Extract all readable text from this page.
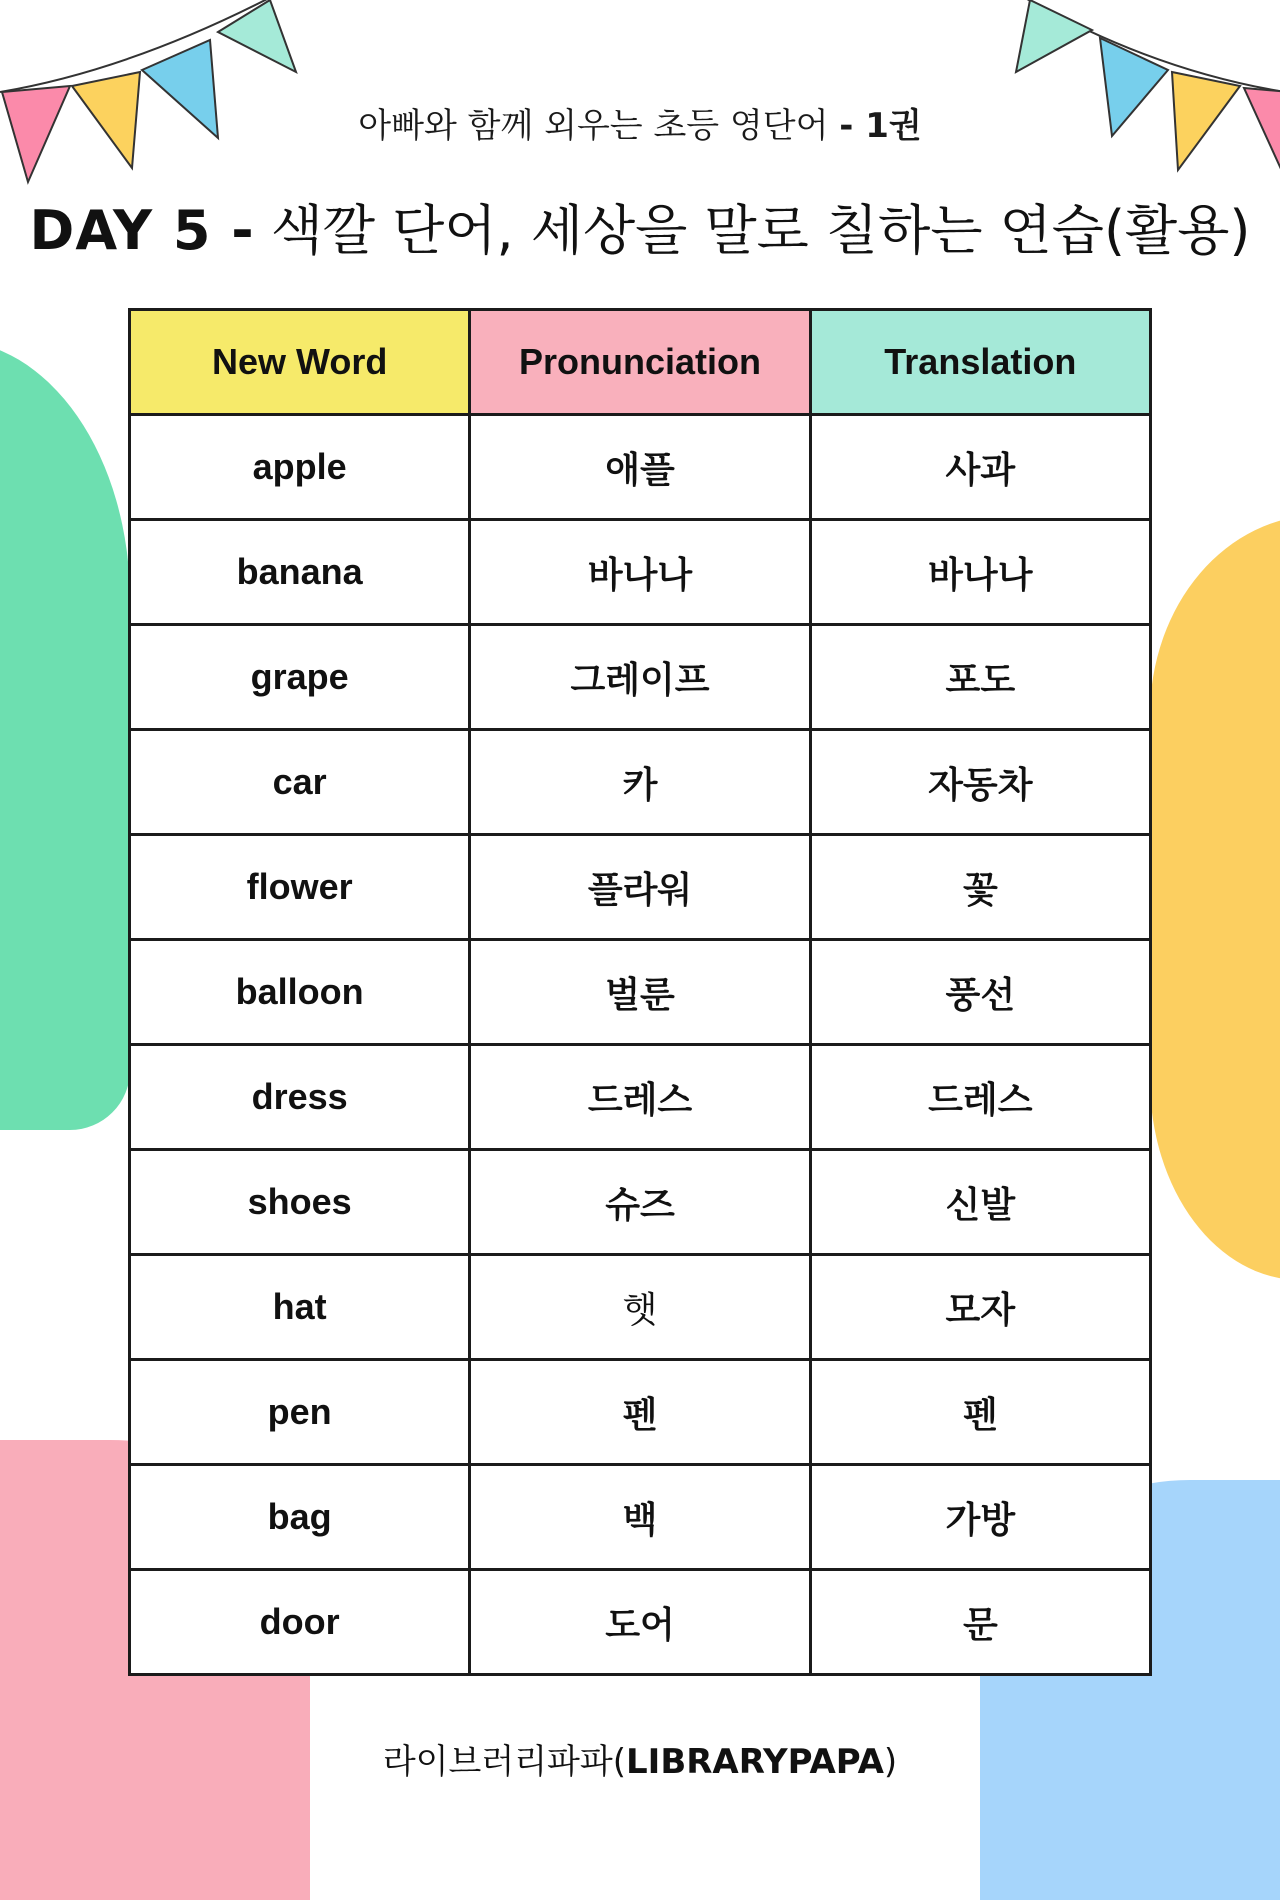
아빠와 함께 외우는 초등 영단어 - 1권
DAY 5 - 색깔 단어, 세상을 말로 칠하는 연습(활용)
New Word	Pronunciation	Translation
apple	애플	사과
banana	바나나	바나나
grape	그레이프	포도
car	카	자동차
flower	플라워	꽃
balloon	벌룬	풍선
dress	드레스	드레스
shoes	슈즈	신발
hat	햇	모자
pen	펜	펜
bag	백	가방
door	도어	문
라이브러리파파(LIBRARYPAPA)
